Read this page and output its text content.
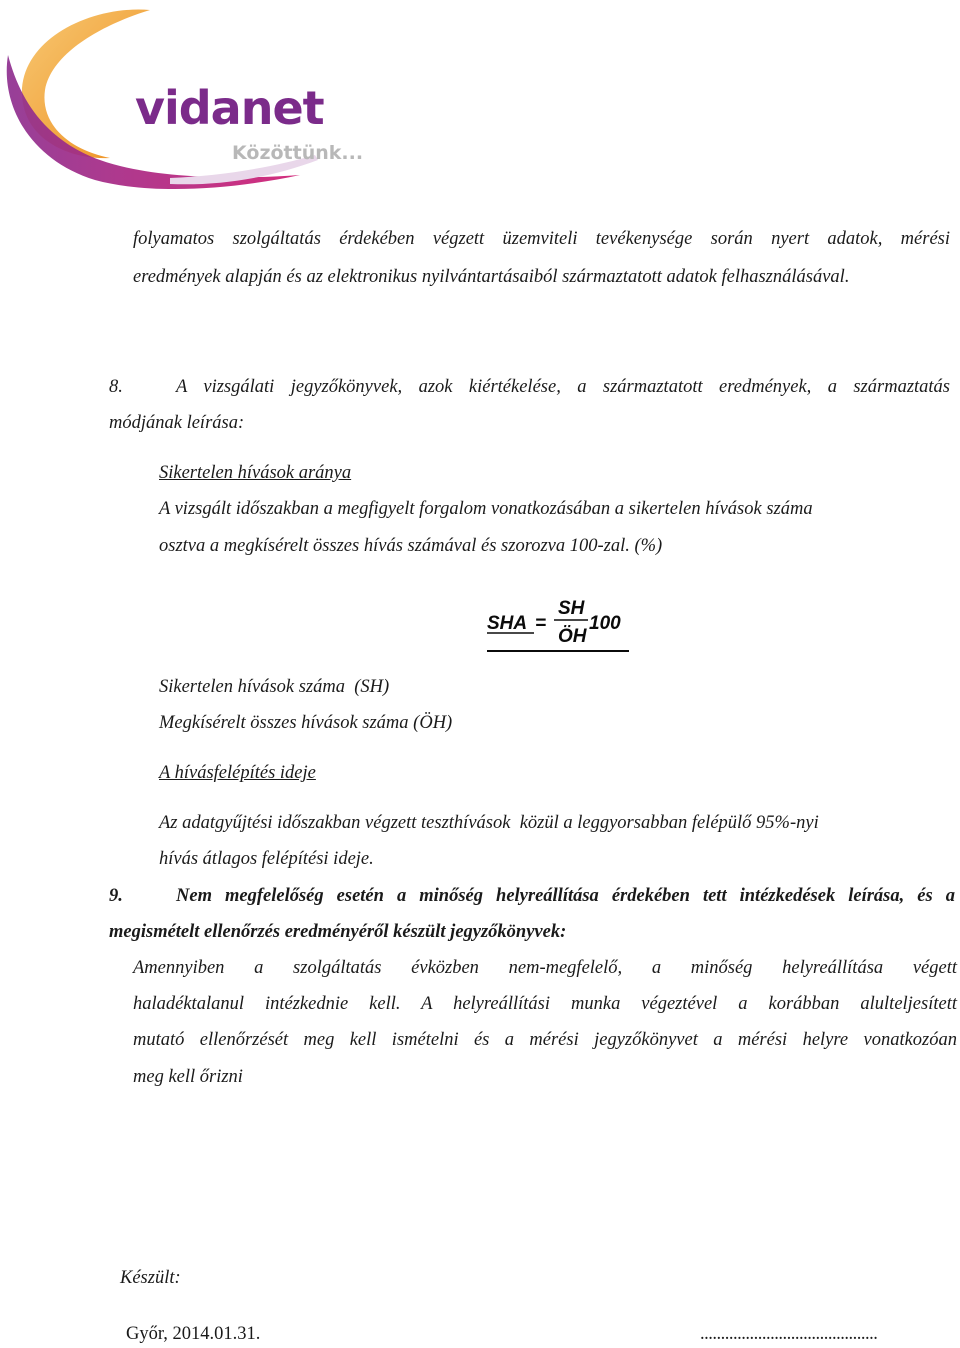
vidanet
Közöttünk...
folyamatos szolgáltatás érdekében végzett üzemviteli tevékenysége során nyert adatok, mérési
eredmények alapján és az elektronikus nyilvántartásaiból származtatott adatok felhasználásával.
8.	A vizsgálati jegyzőkönyvek, azok kiértékelése, a származtatott eredmények, a származtatás
módjának leírása:
Sikertelen hívások aránya
A vizsgált időszakban a megfigyelt forgalom vonatkozásában a sikertelen hívások száma
osztva a megkísérelt összes hívás számával és szorozva 100-zal. (%)
SHA =
SH
ÖH
100
Sikertelen hívások száma  (SH)
Megkísérelt összes hívások száma (ÖH)
A hívásfelépítés ideje
Az adatgyűjtési időszakban végzett teszthívások  közül a leggyorsabban felépülő 95%-nyi
hívás átlagos felépítési ideje.
9.	Nem megfelelőség esetén a minőség helyreállítása érdekében tett intézkedések leírása, és a
megismételt ellenőrzés eredményéről készült jegyzőkönyvek:
Amennyiben a szolgáltatás évközben nem-megfelelő, a minőség helyreállítása végett
haladéktalanul intézkednie kell. A helyreállítási munka végeztével a korábban alulteljesített
mutató ellenőrzését meg kell ismételni és a mérési jegyzőkönyvet a mérési helyre vonatkozóan
meg kell őrizni
Készült:
Győr, 2014.01.31.	...........................................
